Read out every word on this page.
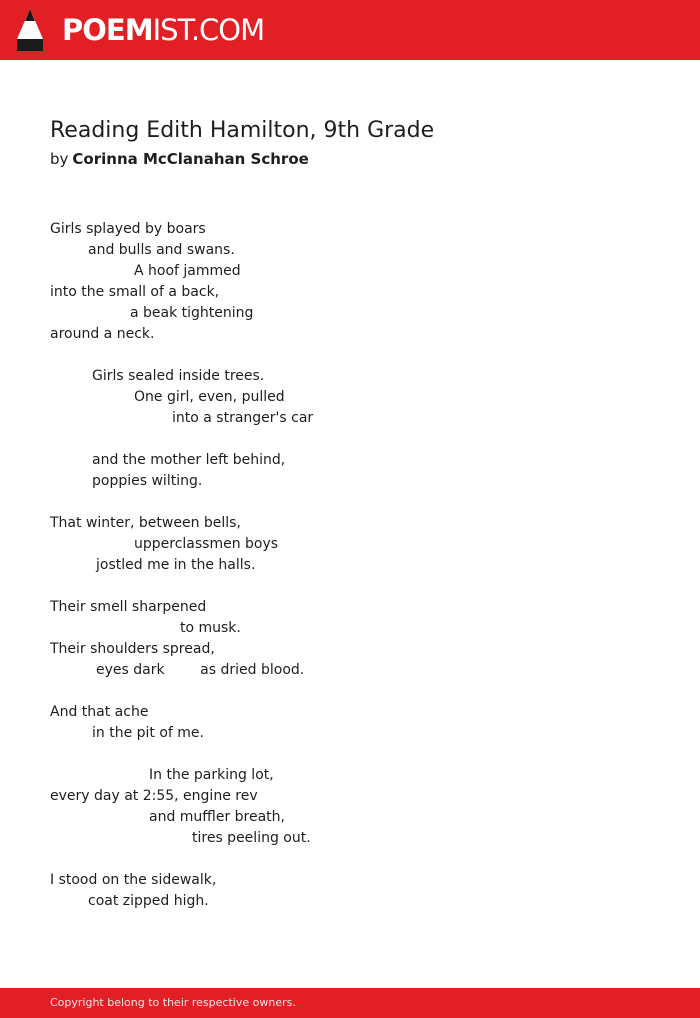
POEMIST.COM
Reading Edith Hamilton, 9th Grade
by Corinna McClanahan Schroe
Girls splayed by boars
and bulls and swans.
A hoof jammed
into the small of a back,
a beak tightening
around a neck.
Girls sealed inside trees.
One girl, even, pulled
into a stranger's car
and the mother left behind,
poppies wilting.
That winter, between bells,
upperclassmen boys
jostled me in the halls.
Their smell sharpened
to musk.
Their shoulders spread,
eyes dark        as dried blood.
And that ache
in the pit of me.
In the parking lot,
every day at 2:55, engine rev
and muffler breath,
tires peeling out.
I stood on the sidewalk,
coat zipped high.
Copyright belong to their respective owners.
